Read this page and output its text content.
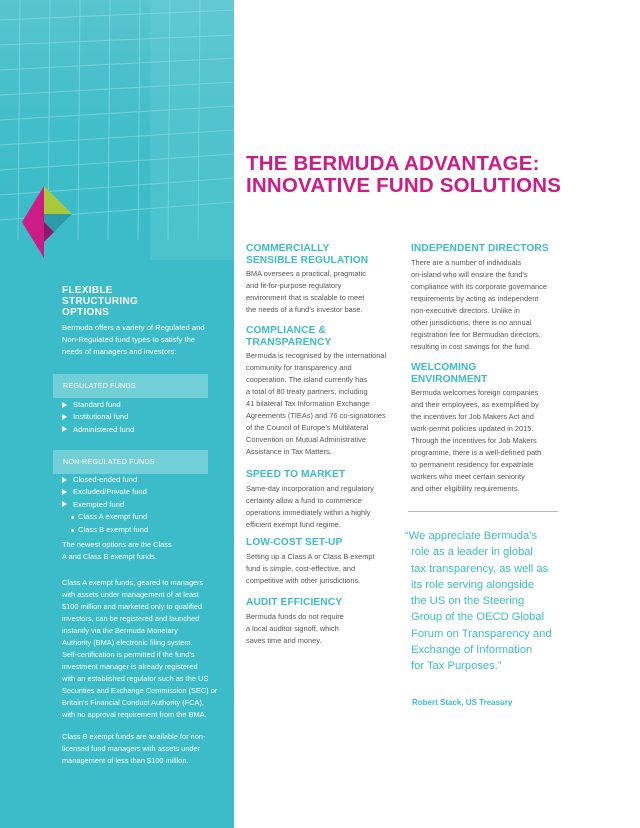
FLEXIBLE
STRUCTURING
OPTIONS
Bermuda offers a variety of Regulated and
Non-Regulated fund types to satisfy the
needs of managers and investors:
REGULATED FUNDS
Standard fund
Institutional fund
Administered fund
NON-REGULATED FUNDS
Closed-ended fund
Excluded/Private fund
Exempted fund
Class A exempt fund
Class B exempt fund
The newest options are the Class
A and Class B exempt funds.
Class A exempt funds, geared to managers
with assets under management of at least
$100 million and marketed only to qualified
investors, can be registered and launched
instantly via the Bermuda Monetary
Authority (BMA) electronic filing system.
Self-certification is permitted if the fund’s
investment manager is already registered
with an established regulator such as the US
Securities and Exchange Commission (SEC) or
Britain’s Financial Conduct Authority (FCA),
with no approval requirement from the BMA.
Class B exempt funds are available for non-
licensed fund managers with assets under
management of less than $100 million.
THE BERMUDA ADVANTAGE:
INNOVATIVE FUND SOLUTIONS
COMMERCIALLY
SENSIBLE REGULATION
BMA oversees a practical, pragmatic
and fit-for-purpose regulatory
environment that is scalable to meet
the needs of a fund’s investor base.
COMPLIANCE &
TRANSPARENCY
Bermuda is recognised by the international
community for transparency and
cooperation. The island currently has
a total of 80 treaty partners, including
41 bilateral Tax Information Exchange
Agreements (TIEAs) and 76 co-signatories
of the Council of Europe’s Multilateral
Convention on Mutual Administrative
Assistance in Tax Matters.
SPEED TO MARKET
Same-day incorporation and regulatory
certainty allow a fund to commence
operations immediately within a highly
efficient exempt fund regime.
LOW-COST SET-UP
Setting up a Class A or Class B exempt
fund is simple, cost-effective, and
competitive with other jurisdictions.
AUDIT EFFICIENCY
Bermuda funds do not require
a local auditor signoff, which
saves time and money.
INDEPENDENT DIRECTORS
There are a number of individuals
on-island who will ensure the fund’s
compliance with its corporate governance
requirements by acting as independent
non-executive directors. Unlike in
other jurisdictions, there is no annual
registration fee for Bermudian directors,
resulting in cost savings for the fund.
WELCOMING
ENVIRONMENT
Bermuda welcomes foreign companies
and their employees, as exemplified by
the incentives for Job Makers Act and
work-permit policies updated in 2015.
Through the incentives for Job Makers
programme, there is a well-defined path
to permanent residency for expatriate
workers who meet certain seniority
and other eligibility requirements.
“We appreciate Bermuda’s
role as a leader in global
tax transparency, as well as
its role serving alongside
the US on the Steering
Group of the OECD Global
Forum on Transparency and
Exchange of Information
for Tax Purposes.”
Robert Stack, US Treasury
